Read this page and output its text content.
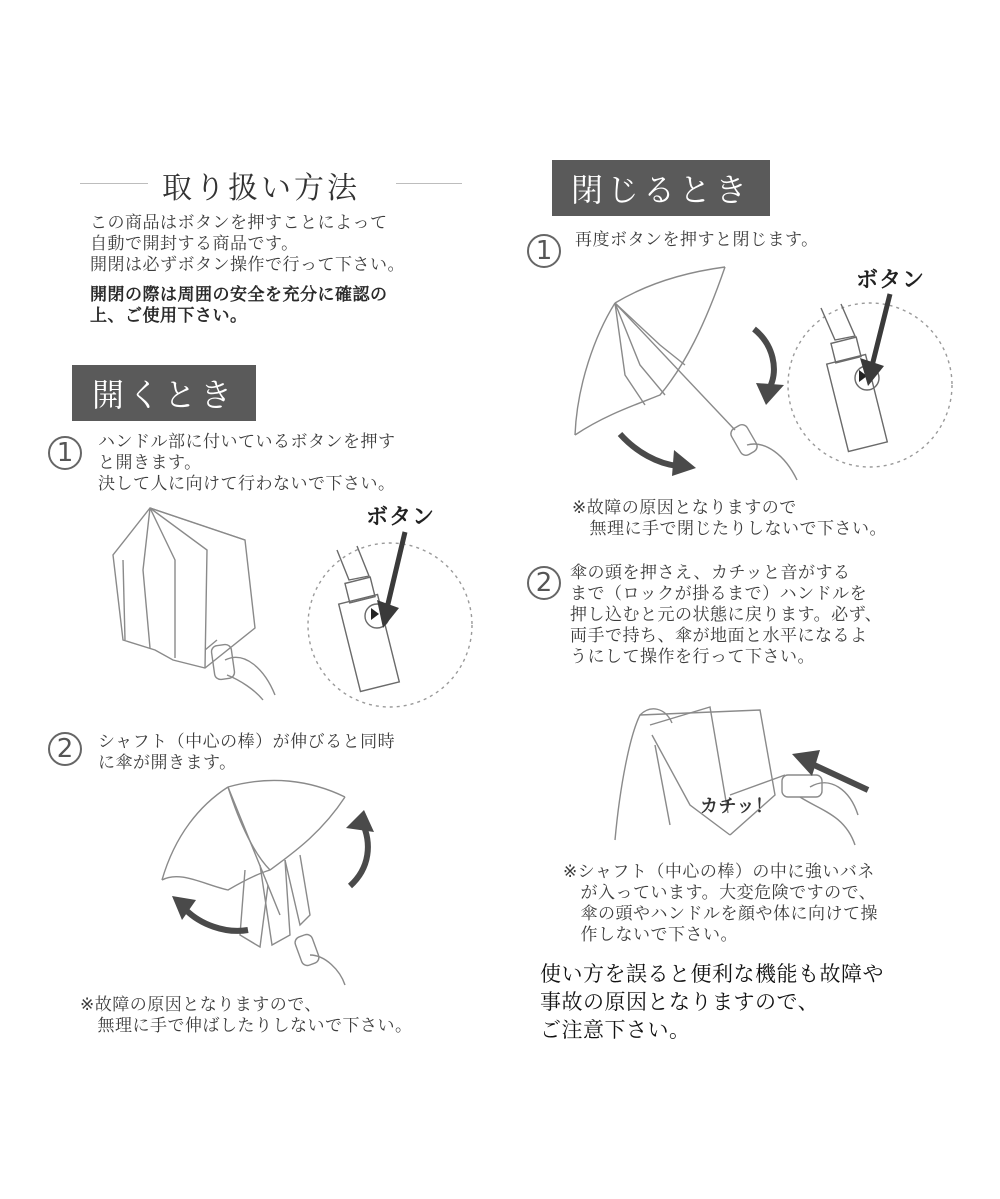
取り扱い方法
この商品はボタンを押すことによって
自動で開封する商品です。
開閉は必ずボタン操作で行って下さい。
開閉の際は周囲の安全を充分に確認の
上、ご使用下さい。
開くとき
1	ハンドル部に付いているボタンを押す
と開きます。
決して人に向けて行わないで下さい。
ボタン
2	シャフト（中心の棒）が伸びると同時
に傘が開きます。
※故障の原因となりますので、
　無理に手で伸ばしたりしないで下さい。
閉じるとき
1	再度ボタンを押すと閉じます。
ボタン
※故障の原因となりますので
　無理に手で閉じたりしないで下さい。
2	傘の頭を押さえ、カチッと音がする
まで（ロックが掛るまで）ハンドルを
押し込むと元の状態に戻ります。必ず、
両手で持ち、傘が地面と水平になるよ
うにして操作を行って下さい。
カチッ！
※シャフト（中心の棒）の中に強いバネ
　が入っています。大変危険ですので、
　傘の頭やハンドルを顔や体に向けて操
　作しないで下さい。
使い方を誤ると便利な機能も故障や
事故の原因となりますので、
ご注意下さい。
